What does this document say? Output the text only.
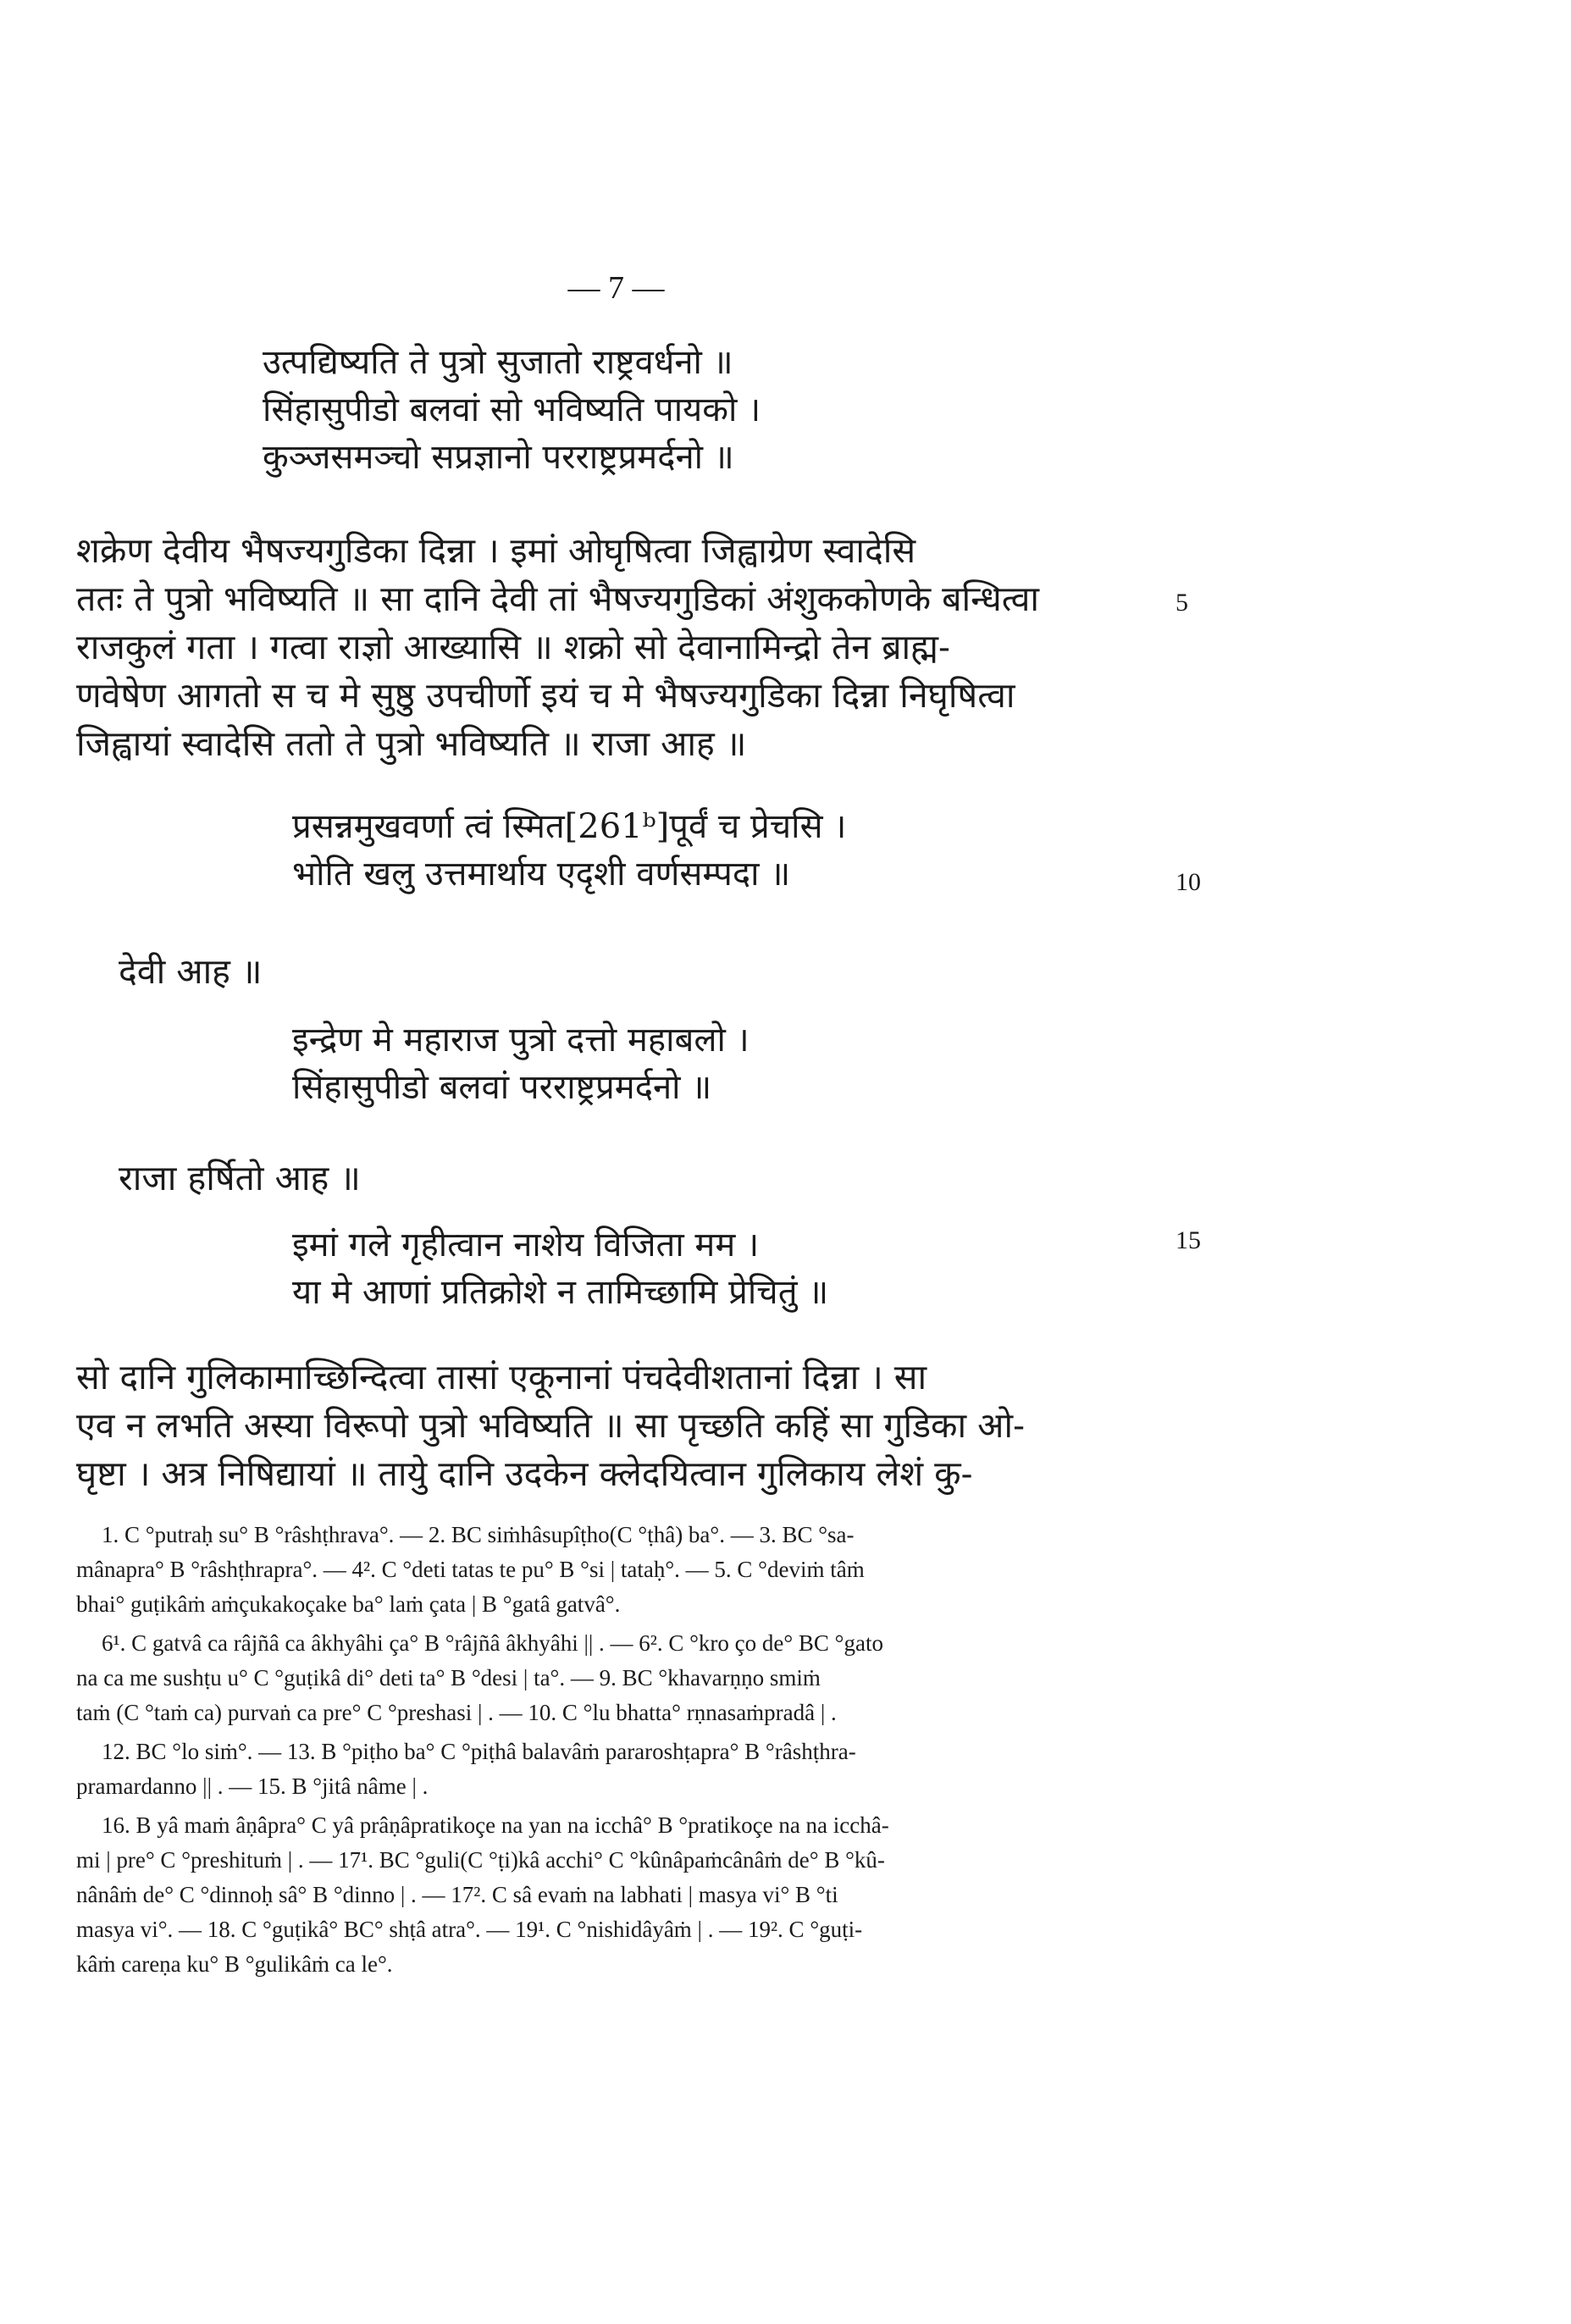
— 7 —
उत्पद्यिष्यति ते पुत्रो सुजातो राष्ट्रवर्धनो ॥
सिंहासुपीडो बलवां सो भविष्यति पायको ।
कुञ्जसमञ्चो सप्रज्ञानो परराष्ट्रप्रमर्दनो ॥
शक्रेण देवीय भैषज्यगुडिका दिन्ना । इमां ओघृषित्वा जिह्वाग्रेण स्वादेसि
ततः ते पुत्रो भविष्यति ॥ सा दानि देवी तां भैषज्यगुडिकां अंशुककोणके बन्धित्वा
राजकुलं गता । गत्वा राज्ञो आख्यासि ॥ शक्रो सो देवानामिन्द्रो तेन ब्राह्म-
णवेषेण आगतो स च मे सुष्ठु उपचीर्णो इयं च मे भैषज्यगुडिका दिन्ना निघृषित्वा
जिह्वायां स्वादेसि ततो ते पुत्रो भविष्यति ॥ राजा आह ॥
5
प्रसन्नमुखवर्णा त्वं स्मित[261ᵇ]पूर्वं च प्रेचसि ।
भोति खलु उत्तमार्थाय एदृशी वर्णसम्पदा ॥	10
देवी आह ॥
इन्द्रेण मे महाराज पुत्रो दत्तो महाबलो ।
सिंहासुपीडो बलवां परराष्ट्रप्रमर्दनो ॥
राजा हर्षितो आह ॥
इमां गले गृहीत्वान नाशेय विजिता मम ।
या मे आणां प्रतिक्रोशे न तामिच्छामि प्रेचितुं ॥
15
सो दानि गुलिकामाच्छिन्दित्वा तासां एकूनानां पंचदेवीशतानां दिन्ना । सा
एव न लभति अस्या विरूपो पुत्रो भविष्यति ॥ सा पृच्छति कहिं सा गुडिका ओ-
घृष्टा । अत्र निषिद्यायां ॥ तायेु दानि उदकेन क्लेदयित्वान गुलिकाय लेशं कु-
1. C °putraḥ su° B °râshṭhrava°. — 2. BC siṁhâsupîṭho(C °ṭhâ) ba°. — 3. BC °sa-
mânapra° B °râshṭhrapra°. — 4². C °deti tatas te pu° B °si | tataḥ°. — 5. C °deviṁ tâṁ
bhai° guṭikâṁ aṁçukakoçake ba° laṁ çata | B °gatâ gatvâ°.
6¹. C gatvâ ca râjñâ ca âkhyâhi ça° B °râjñâ âkhyâhi || . — 6². C °kro ço de° BC °gato
na ca me sushṭu u° C °guṭikâ di° deti ta° B °desi | ta°. — 9. BC °khavarṇṇo smiṁ
taṁ (C °taṁ ca) purvaṅ ca pre° C °preshasi | . — 10. C °lu bhatta° rṇnasaṁpradâ | .
12. BC °lo siṁ°. — 13. B °piṭho ba° C °piṭhâ balavâṁ pararoshṭapra° B °râshṭhra-
pramardanno || . — 15. B °jitâ nâme | .
16. B yâ maṁ âṇâpra° C yâ prâṇâpratikoçe na yan na icchâ° B °pratikoçe na na icchâ-
mi | pre° C °preshituṁ | . — 17¹. BC °guli(C °ṭi)kâ acchi° C °kûnâpaṁcânâṁ de° B °kû-
nânâṁ de° C °dinnoḥ sâ° B °dinno | . — 17². C sâ evaṁ na labhati | masya vi° B °ti
masya vi°. — 18. C °guṭikâ° BC° shṭâ atra°. — 19¹. C °nishidâyâṁ | . — 19². C °guṭi-
kâṁ careṇa ku° B °gulikâṁ ca le°.
